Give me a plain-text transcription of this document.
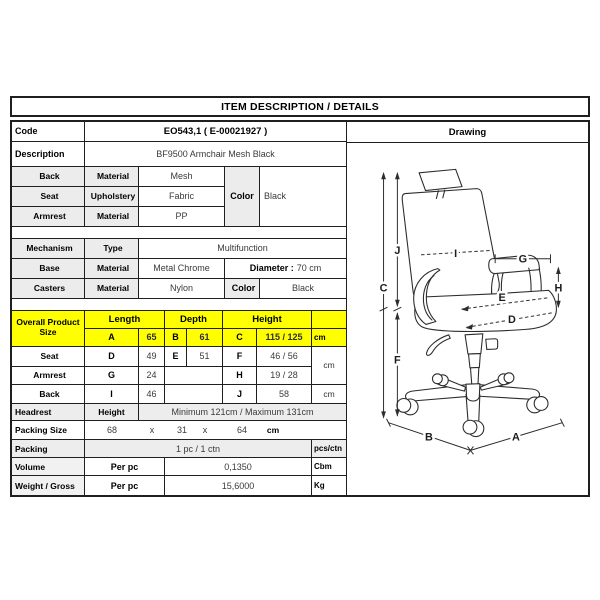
ITEM DESCRIPTION / DETAILS
Code	EO543,1 ( E-00021927 )
Description	BF9500 Armchair Mesh Black
Back	Material	Mesh
Color	Black
Seat	Upholstery	Fabric
Armrest	Material	PP
Mechanism	Type	Multifunction
Base	Material	Metal Chrome	Diameter : 70 cm
Casters	Material	Nylon	Color	Black
Overall Product Size
Length	Depth	Height
A	65	B	61	C	115 / 125	cm
Seat	D	49	E	51	F	46 / 56
cm
Armrest	G	24	H	19 / 28
Back	I	46	J	58	cm
Headrest	Height	Minimum 121cm / Maximum 131cm
Packing Size	68	x	31 x	64 cm
Packing	1 pc / 1 ctn	pcs/ctn
Volume	Per pc	0,1350	Cbm
Weight / Gross	Per pc	15,6000	Kg
Drawing
C
J
F
I	G
H
E
D
B	A
